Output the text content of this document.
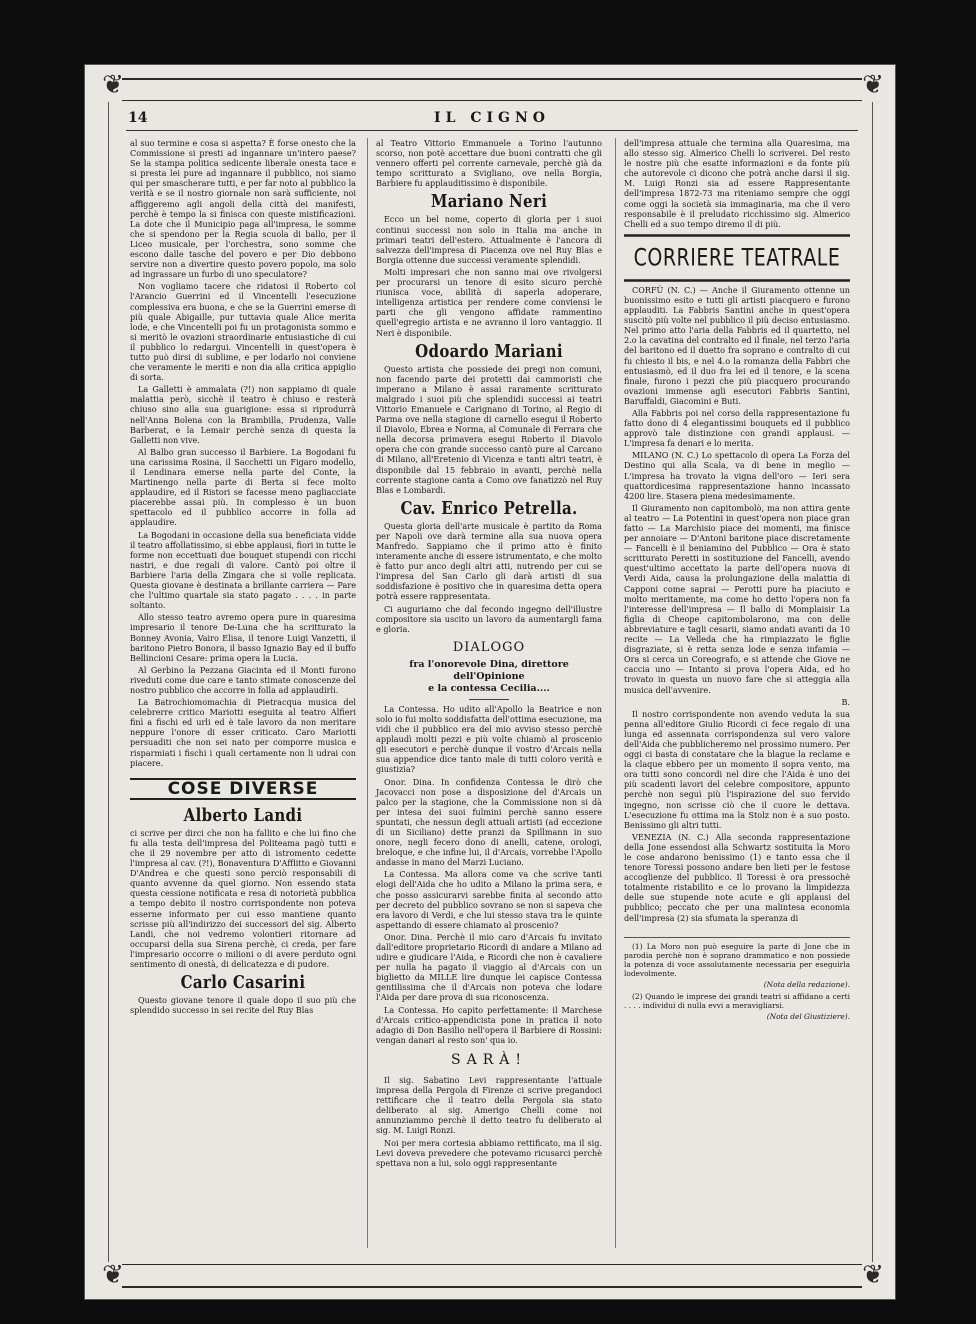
❦	❦
❦	❦
14	IL CIGNO

al suo termine e cosa si aspetta? È forse onesto che la Commissione si presti ad ingannare un'intero paese? Se la stampa politica sedicente liberale onesta tace e si presta lei pure ad ingannare il pubblico, noi siamo qui per smascherare tutti, e per far noto al pubblico la verità e se il nostro giornale non sarà sufficiente, noi affiggeremo agli angoli della città dei manifesti, perchè è tempo la si finisca con queste mistificazioni. La dote che il Municipio paga all'impresa, le somme che si spendono per la Regia scuola di ballo, per il Liceo musicale, per l'orchestra, sono somme che escono dalle tasche del povero e per Dio debbono servire non a divertire questo povero popolo, ma solo ad ingrassare un furbo di uno speculatore?

Non vogliamo tacere che ridatosi il Roberto col l'Arancio Guerrini ed il Vincentelli l'esecuzione complessiva era buona, e che se la Guerrini emerse di più quale Abigaille, pur tuttavia quale Alice merita lode, e che Vincentelli poi fu un protagonista sommo e si meritò le ovazioni straordinarie entusiastiche di cui il pubblico lo redargui. Vincentelli in quest'opera è tutto può dirsi di sublime, e per lodarlo noi conviene che veramente le meriti e non dia alla critica appiglio di sorta.

La Galletti è ammalata (?!) non sappiamo di quale malattia però, sicchè il teatro è chiuso e resterà chiuso sino alla sua guarigione: essa si riprodurrà nell'Anna Bolena con la Brambilla, Prudenza, Valle Barberat, e la Lemair perchè senza di questa la Galletti non vive.

Al Balbo gran successo il Barbiere. La Bogodani fu una carissima Rosina, il Sacchetti un Figaro modello, il Lendinara emerse nella parte del Conte, la Martinengo nella parte di Berta si fece molto applaudire, ed il Ristori se facesse meno pagliacciate piacerebbe assai più. In complesso è un buon spettacolo ed il pubblico accorre in folla ad applaudire.

La Bogodani in occasione della sua beneficiata vidde il teatro affollatissimo, si ebbe applausi, fiori in tutte le forme non eccettuati due bouquet stupendi con ricchi nastri, e due regali di valore. Cantò poi oltre il Barbiere l'aria della Zingara che si volle replicata. Questa giovane è destinata a brillante carriera — Pare che l'ultimo quartale sia stato pagato . . . . in parte soltanto.

Allo stesso teatro avremo opera pure in quaresima impresario il tenore De-Luna che ha scritturato la Bonney Avonia, Vairo Elisa, il tenore Luigi Vanzetti, il baritono Pietro Bonora, il basso Ignazio Bay ed il buffo Bellincioni Cesare: prima opera la Lucia.

Al Gerbino la Pezzana Giacinta ed il Monti furono riveduti come due care e tanto stimate conoscenze del nostro pubblico che accorre in folla ad applaudirli.

La Batrochiomomachia di Pietracqua musica del celebrerre critico Mariotti eseguita al teatro Alfieri finì a fischi ed urli ed è tale lavoro da non meritare neppure l'onore di esser criticato. Caro Mariotti persuaditi che non sei nato per comporre musica e risparmiati i fischi i quali certamente non li udrai con piacere.

COSE DIVERSE
Alberto Landi

ci scrive per dirci che non ha fallito e che lui fino che fu alla testa dell'impresa del Politeama pagò tutti e che il 29 novembre per atto di istromento cedette l'impresa al cav. (?!), Bonaventura D'Afflitto e Giovanni D'Andrea e che questi sono perciò responsabili di quanto avvenne da quel giorno. Non essendo stata questa cessione notificata e resa di notorietà pubblica a tempo debito il nostro corrispondente non poteva esserne informato per cui esso mantiene quanto scrisse più all'indirizzo dei successori del sig. Alberto Landi, che noi vedremo volontieri ritornare ad occuparsi della sua Sirena perchè, ci creda, per fare l'impresario occorre o milioni o di avere perduto ogni sentimento di onestà, di delicatezza e di pudore.

Carlo Casarini

Questo giovane tenore il quale dopo il suo più che splendido successo in sei recite del Ruy Blas

al Teatro Vittorio Emmanuele a Torino l'autunno scorso, non potè accettare due buoni contratti che gli vennero offerti pel corrente carnevale, perchè già da tempo scritturato a Svigliano, ove nella Borgia, Barbiere fu applauditissimo è disponibile.

Mariano Neri

Ecco un bel nome, coperto di gloria per i suoi continui successi non solo in Italia ma anche in primari teatri dell'estero. Attualmente è l'ancora di salvezza dell'impresa di Piacenza ove nel Ruy Blas e Borgia ottenne due successi veramente splendidi.

Molti impresari che non sanno mai ove rivolgersi per procurarsi un tenore di esito sicuro perchè riunisca voce, abilità di saperla adoperare, intelligenza artistica per rendere come conviensi le parti che gli vengono affidate rammentino quell'egregio artista e ne avranno il loro vantaggio. Il Neri è disponibile.

Odoardo Mariani

Questo artista che possiede dei pregi non comuni, non facendo parte dei protetti dai cammoristi che imperano a Milano è assai raramente scritturato malgrado i suoi più che splendidi successi ai teatri Vittorio Emanuele e Carignano di Torino, al Regio di Parma ove nella stagione di carnello esegui il Roberto il Diavolo, Ebrea e Norma, al Comunale di Ferrara che nella decorsa primavera esegui Roberto il Diavolo opera che con grande successo cantò pure al Carcano di Milano, all'Eretenio di Vicenza e tanti altri teatri, è disponibile dal 15 febbraio in avanti, perchè nella corrente stagione canta a Como ove fanatizzò nel Ruy Blas e Lombardi.

Cav. Enrico Petrella.

Questa gloria dell'arte musicale è partito da Roma per Napoli ove darà termine alla sua nuova opera Manfredo. Sappiamo che il primo atto è finito interamente anche di essere istrumentato, e che molto è fatto pur anco degli altri atti, nutrendo per cui se l'impresa del San Carlo gli darà artisti di sua soddisfazione è positivo che in quaresima detta opera potrà essere rappresentata.

Ci auguriamo che dal fecondo ingegno dell'illustre compositore sia uscito un lavoro da aumentargli fama e gloria.

DIALOGO
fra l'onorevole Dina, direttore dell'Opinione
e la contessa Cecilia....

La Contessa. Ho udito all'Apollo la Beatrice e non solo io fui molto soddisfatta dell'ottima esecuzione, ma vidi che il pubblico era del mio avviso stesso perchè applaudì molti pezzi e più volte chiamò al proscenio gli esecutori e perchè dunque il vostro d'Arcais nella sua appendice dice tanto male di tutti coloro verità e giustizia?

Onor. Dina. In confidenza Contessa le dirò che Jacovacci non pose a disposizione del d'Arcais un palco per la stagione, che la Commissione non si dà per intesa dei suoi fulmini perchè sanno essere spuntati, che nessun degli attuali artisti (ad eccezione di un Siciliano) dette pranzi da Spillmann in suo onore, negli fecero dono di anelli, catene, orologi, breloque, e che infine lui, il d'Arcais, vorrebbe l'Apollo andasse in mano del Marzi Luciano.

La Contessa. Ma allora come va che scrive tanti elogi dell'Aida che ho udito a Milano la prima sera, e che posso assicurarvi sarebbe finita al secondo atto per decreto del pubblico sovrano se non si sapeva che era lavoro di Verdi, e che lui stesso stava tra le quinte aspettando di essere chiamato al proscenio?

Onor. Dina. Perchè il mio caro d'Arcais fu invitato dall'editore proprietario Ricordi di andare a Milano ad udire e giudicare l'Aida, e Ricordi che non è cavaliere per nulla ha pagato il viaggio al d'Arcais con un biglietto da MILLE lire dunque lei capisce Contessa gentilissima che il d'Arcais non poteva che lodare l'Aida per dare prova di sua riconoscenza.

La Contessa. Ho capito perfettamente: il Marchese d'Arcais critico-appendicista pone in pratica il noto adagio di Don Basilio nell'opera il Barbiere di Rossini: vengan danari al resto son' qua io.

SARÀ!

Il sig. Sabatino Levi rappresentante l'attuale impresa della Pergola di Firenze ci scrive pregandoci rettificare che il teatro della Pergola sia stato deliberato al sig. Amerigo Chelli come noi annunziammo perchè il detto teatro fu deliberato al sig. M. Luigi Ronzi.

Noi per mera cortesia abbiamo rettificato, ma il sig. Levi doveva prevedere che potevamo ricusarci perchè spettava non a lui, solo oggi rappresentante

dell'impresa attuale che termina alla Quaresima, ma allo stesso sig. Almerico Chelli lo scriverei. Del resto le nostre più che esatte informazioni e da fonte più che autorevole ci dicono che potrà anche darsi il sig. M. Luigi Ronzi sia ad essere Rappresentante dell'impresa 1872-73 ma riteniamo sempre che oggi come oggi la società sia immaginaria, ma che il vero responsabile è il preludato ricchissimo sig. Almerico Chelli ed a suo tempo diremo il di più.

CORRIERE TEATRALE

CORFÙ (N. C.) — Anche il Giuramento ottenne un buonissimo esito e tutti gli artisti piacquero e furono applauditi. La Fabbris Santini anche in quest'opera suscitò più volte nel pubblico il più deciso entusiasmo. Nel primo atto l'aria della Fabbris ed il quartetto, nel 2.o la cavatina del contralto ed il finale, nel terzo l'aria del baritono ed il duetto fra soprano e contralto di cui fu chiesto il bis, e nel 4.o la romanza della Fabbri che entusiasmò, ed il duo fra lei ed il tenore, e la scena finale, furono i pezzi che più piacquero procurando ovazioni immense agli esecutori Fabbris Santini, Baruffaldi, Giacomini e Buti.

Alla Fabbris poi nel corso della rappresentazione fu fatto dono di 4 elegantissimi bouquets ed il pubblico approvò tale distinzione con grandi applausi. — L'impresa fa denari e lo merita.

MILANO (N. C.) Lo spettacolo di opera La Forza del Destino qui alla Scala, va di bene in meglio — L'impresa ha trovato la vigna dell'oro — Ieri sera quattordicesima rappresentazione hanno incassato 4200 lire. Stasera piena medesimamente.

Il Giuramento non capitombolò, ma non attira gente al teatro — La Potentini in quest'opera non piace gran fatto — La Marchisio piace dei momenti, ma finisce per annoiare — D'Antoni baritone piace discretamente — Fancelli è il beniamino del Pubblico — Ora è stato scritturato Peretti in sostituzione del Fancelli, avendo quest'ultimo accettato la parte dell'opera nuova di Verdi Aida, causa la prolungazione della malattia di Capponi come saprai — Perotti pure ha piaciuto e molto meritamente, ma come ho detto l'opera non fa l'interesse dell'impresa — Il ballo di Momplaisir La figlia di Cheope capitombolarono, ma con delle abbreviature e tagli cesarii, siamo andati avanti da 10 recite — La Velleda che ha rimpiazzato le figlie disgraziate, si è retta senza lode e senza infamia — Ora si cerca un Coreografo, e si attende che Giove ne caccia uno — Intanto si prova l'opera Aida, ed ho trovato in questa un nuovo fare che si atteggia alla musica dell'avvenire.

B.

Il nostro corrispondente non avendo veduta la sua penna all'editore Giulio Ricordi ci fece regalo di una lunga ed assennata corrispondenza sul vero valore dell'Aida che pubblicheremo nel prossimo numero. Per oggi ci basta di constatare che la blague la reclame e la claque ebbero per un momento il sopra vento, ma ora tutti sono concordi nel dire che l'Aida è uno dei più scadenti lavori del celebre compositore, appunto perchè non seguì più l'ispirazione del suo fervido ingegno, non scrisse ciò che il cuore le dettava. L'esecuzione fu ottima ma la Stolz non è a suo posto. Benissimo gli altri tutti.

VENEZIA (N. C.) Alla seconda rappresentazione della Jone essendosi alla Schwartz sostituita la Moro le cose andarono benissimo (1) e tanto essa che il tenore Toressi possono andare ben lieti per le festose accoglienze del pubblico. Il Toressi è ora pressochè totalmente ristabilito e ce lo provano la limpidezza delle sue stupende note acute e gli applausi del pubblico; peccato che per una malintesa economia dell'impresa (2) sia sfumata la speranza di

(1) La Moro non può eseguire la parte di Jone che in parodia perchè non è soprano drammatico e non possiede la potenza di voce assolutamente necessaria per eseguirla lodevolmente.

(Nota della redazione).

(2) Quando le imprese dei grandi teatri si affidano a certi . . . . individui di nulla evvi a meravigliarsi.

(Nota del Giustiziere).
